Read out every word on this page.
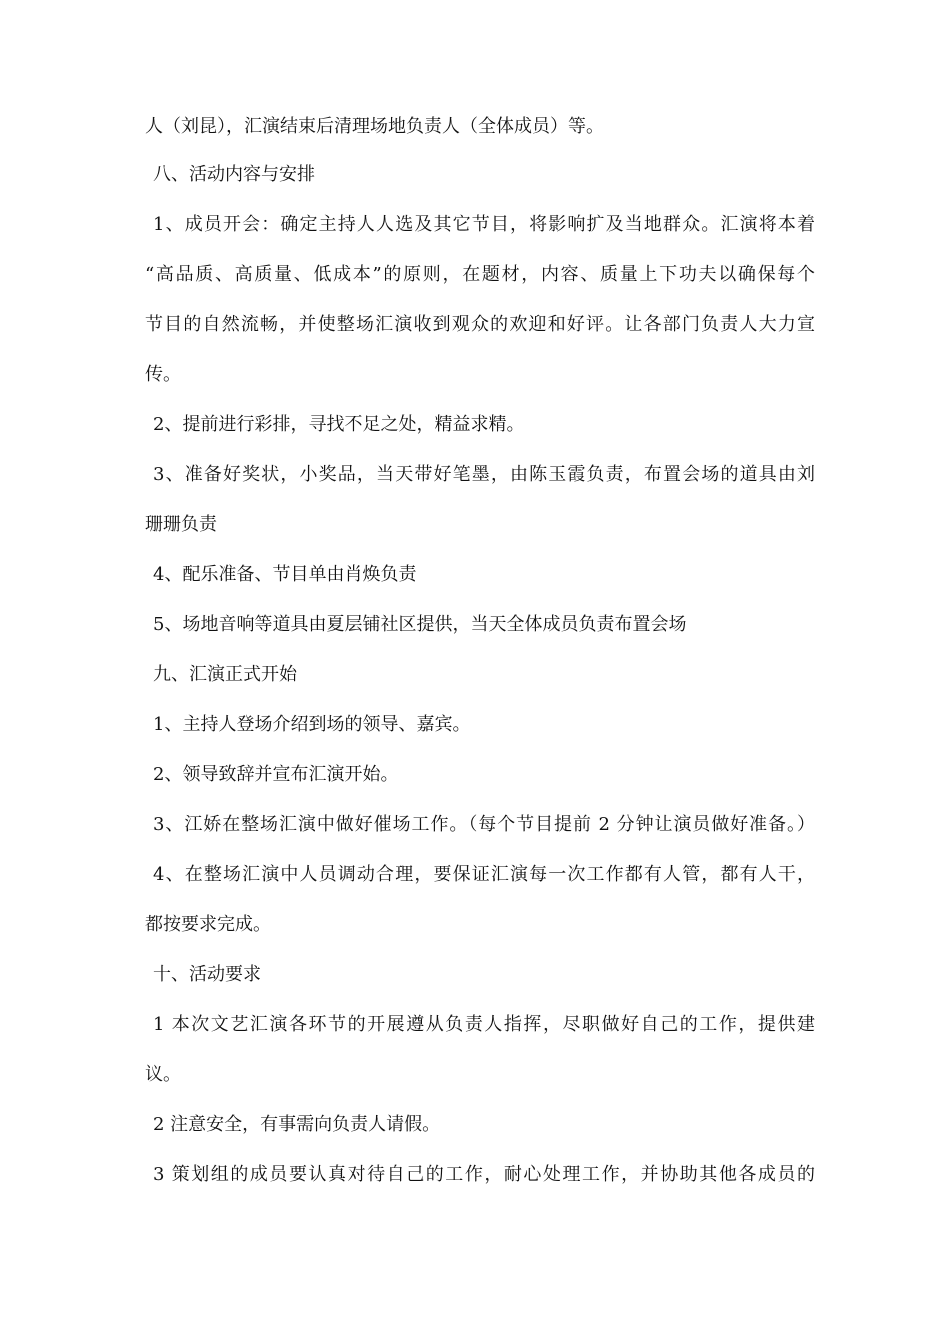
人（刘昆），汇演结束后清理场地负责人（全体成员）等。
八、活动内容与安排
1、成员开会：确定主持人人选及其它节目，将影响扩及当地群众。汇演将本着
“高品质、高质量、低成本”的原则，在题材，内容、质量上下功夫以确保每个
节目的自然流畅，并使整场汇演收到观众的欢迎和好评。让各部门负责人大力宣
传。
2、提前进行彩排，寻找不足之处，精益求精。
3、准备好奖状，小奖品，当天带好笔墨，由陈玉霞负责，布置会场的道具由刘
珊珊负责
4、配乐准备、节目单由肖焕负责
5、场地音响等道具由夏层铺社区提供，当天全体成员负责布置会场
九、汇演正式开始
1、主持人登场介绍到场的领导、嘉宾。
2、领导致辞并宣布汇演开始。
3、江娇在整场汇演中做好催场工作。（每个节目提前 2 分钟让演员做好准备。）
4、在整场汇演中人员调动合理，要保证汇演每一次工作都有人管，都有人干，
都按要求完成。
十、活动要求
1 本次文艺汇演各环节的开展遵从负责人指挥，尽职做好自己的工作，提供建
议。
2 注意安全，有事需向负责人请假。
3 策划组的成员要认真对待自己的工作，耐心处理工作，并协助其他各成员的
